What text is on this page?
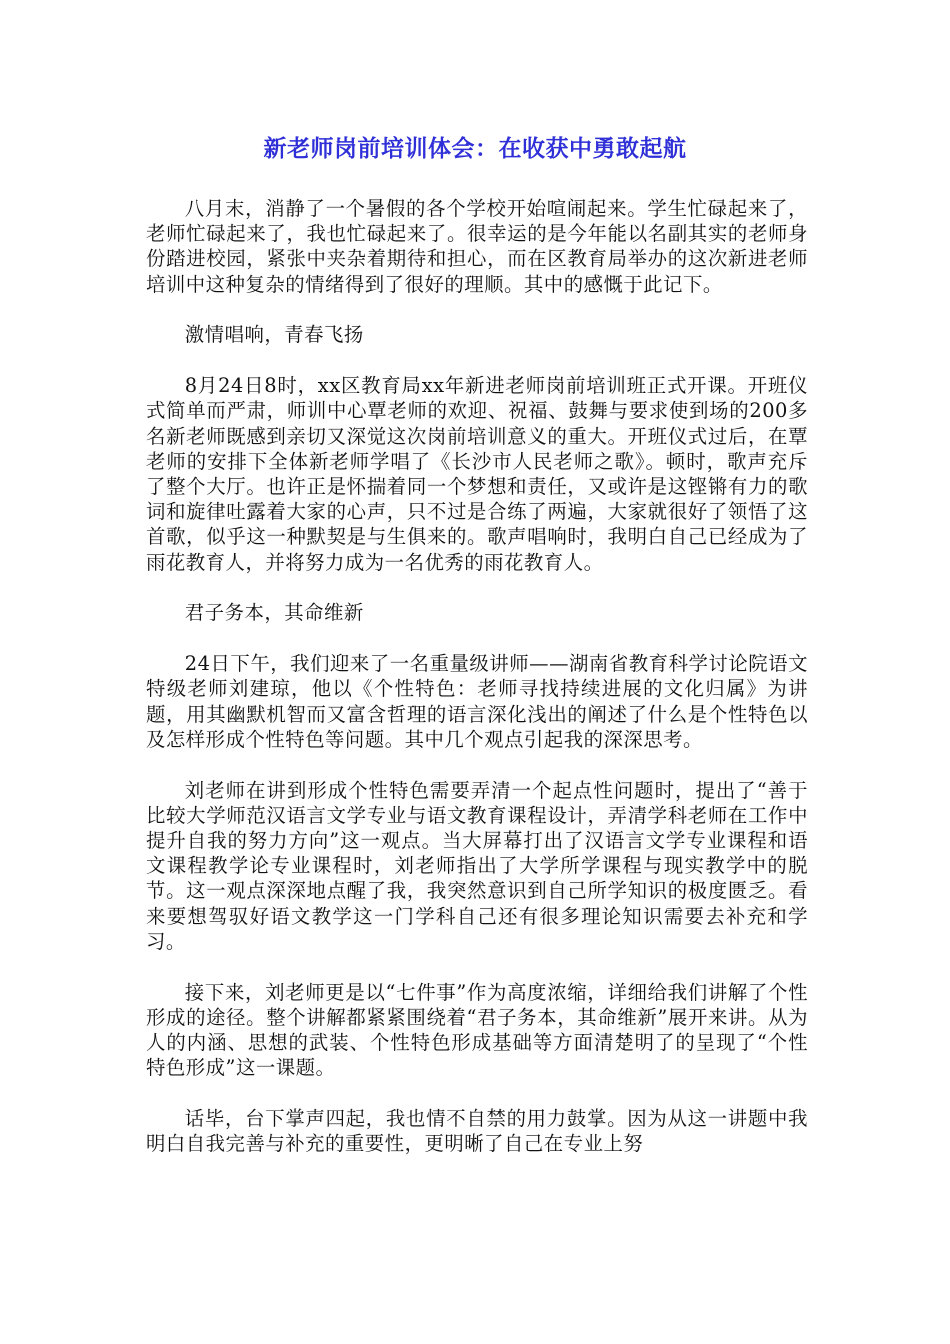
新老师岗前培训体会：在收获中勇敢起航

八月末，消静了一个暑假的各个学校开始喧闹起来。学生忙碌起来了，老师忙碌起来了，我也忙碌起来了。很幸运的是今年能以名副其实的老师身份踏进校园，紧张中夹杂着期待和担心，而在区教育局举办的这次新进老师培训中这种复杂的情绪得到了很好的理顺。其中的感慨于此记下。

激情唱响，青春飞扬

8月24日8时，xx区教育局xx年新进老师岗前培训班正式开课。开班仪式简单而严肃，师训中心覃老师的欢迎、祝福、鼓舞与要求使到场的200多名新老师既感到亲切又深觉这次岗前培训意义的重大。开班仪式过后，在覃老师的安排下全体新老师学唱了《长沙市人民老师之歌》。顿时，歌声充斥了整个大厅。也许正是怀揣着同一个梦想和责任，又或许是这铿锵有力的歌词和旋律吐露着大家的心声，只不过是合练了两遍，大家就很好了领悟了这首歌，似乎这一种默契是与生俱来的。歌声唱响时，我明白自己已经成为了雨花教育人，并将努力成为一名优秀的雨花教育人。

君子务本，其命维新

24日下午，我们迎来了一名重量级讲师——湖南省教育科学讨论院语文特级老师刘建琼，他以《个性特色：老师寻找持续进展的文化归属》为讲题，用其幽默机智而又富含哲理的语言深化浅出的阐述了什么是个性特色以及怎样形成个性特色等问题。其中几个观点引起我的深深思考。

刘老师在讲到形成个性特色需要弄清一个起点性问题时，提出了“善于比较大学师范汉语言文学专业与语文教育课程设计，弄清学科老师在工作中提升自我的努力方向”这一观点。当大屏幕打出了汉语言文学专业课程和语文课程教学论专业课程时，刘老师指出了大学所学课程与现实教学中的脱节。这一观点深深地点醒了我，我突然意识到自己所学知识的极度匮乏。看来要想驾驭好语文教学这一门学科自己还有很多理论知识需要去补充和学习。

接下来，刘老师更是以“七件事”作为高度浓缩，详细给我们讲解了个性形成的途径。整个讲解都紧紧围绕着“君子务本，其命维新”展开来讲。从为人的内涵、思想的武装、个性特色形成基础等方面清楚明了的呈现了“个性特色形成”这一课题。

话毕，台下掌声四起，我也情不自禁的用力鼓掌。因为从这一讲题中我明白自我完善与补充的重要性，更明晰了自己在专业上努
